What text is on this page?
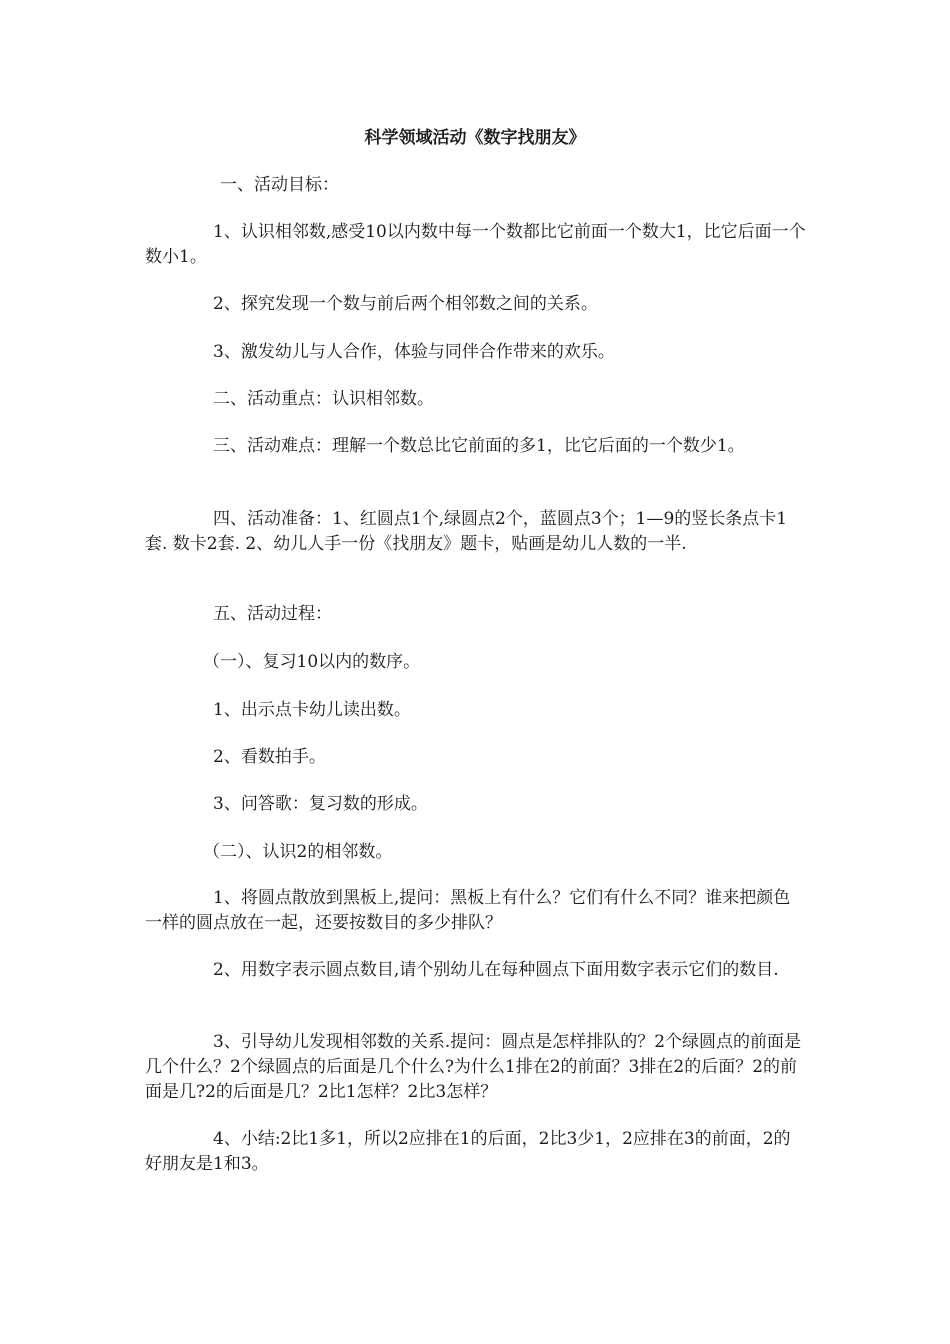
科学领域活动《数字找朋友》

一、活动目标：

1、认识相邻数,感受10以内数中每一个数都比它前面一个数大1，比它后面一个数小1。

2、探究发现一个数与前后两个相邻数之间的关系。

3、激发幼儿与人合作，体验与同伴合作带来的欢乐。

二、活动重点：认识相邻数。

三、活动难点：理解一个数总比它前面的多1，比它后面的一个数少1。

四、活动准备：1、红圆点1个,绿圆点2个，蓝圆点3个；1—9的竖长条点卡1套. 数卡2套. 2、幼儿人手一份《找朋友》题卡，贴画是幼儿人数的一半.

五、活动过程：

（一）、复习10以内的数序。

1、出示点卡幼儿读出数。

2、看数拍手。

3、问答歌：复习数的形成。

（二）、认识2的相邻数。

1、将圆点散放到黑板上,提问：黑板上有什么？它们有什么不同？谁来把颜色一样的圆点放在一起，还要按数目的多少排队？

2、用数字表示圆点数目,请个别幼儿在每种圆点下面用数字表示它们的数目.

3、引导幼儿发现相邻数的关系.提问：圆点是怎样排队的？2个绿圆点的前面是几个什么？2个绿圆点的后面是几个什么?为什么1排在2的前面？3排在2的后面？2的前面是几?2的后面是几？2比1怎样？2比3怎样？

4、小结:2比1多1，所以2应排在1的后面，2比3少1，2应排在3的前面，2的好朋友是1和3。
